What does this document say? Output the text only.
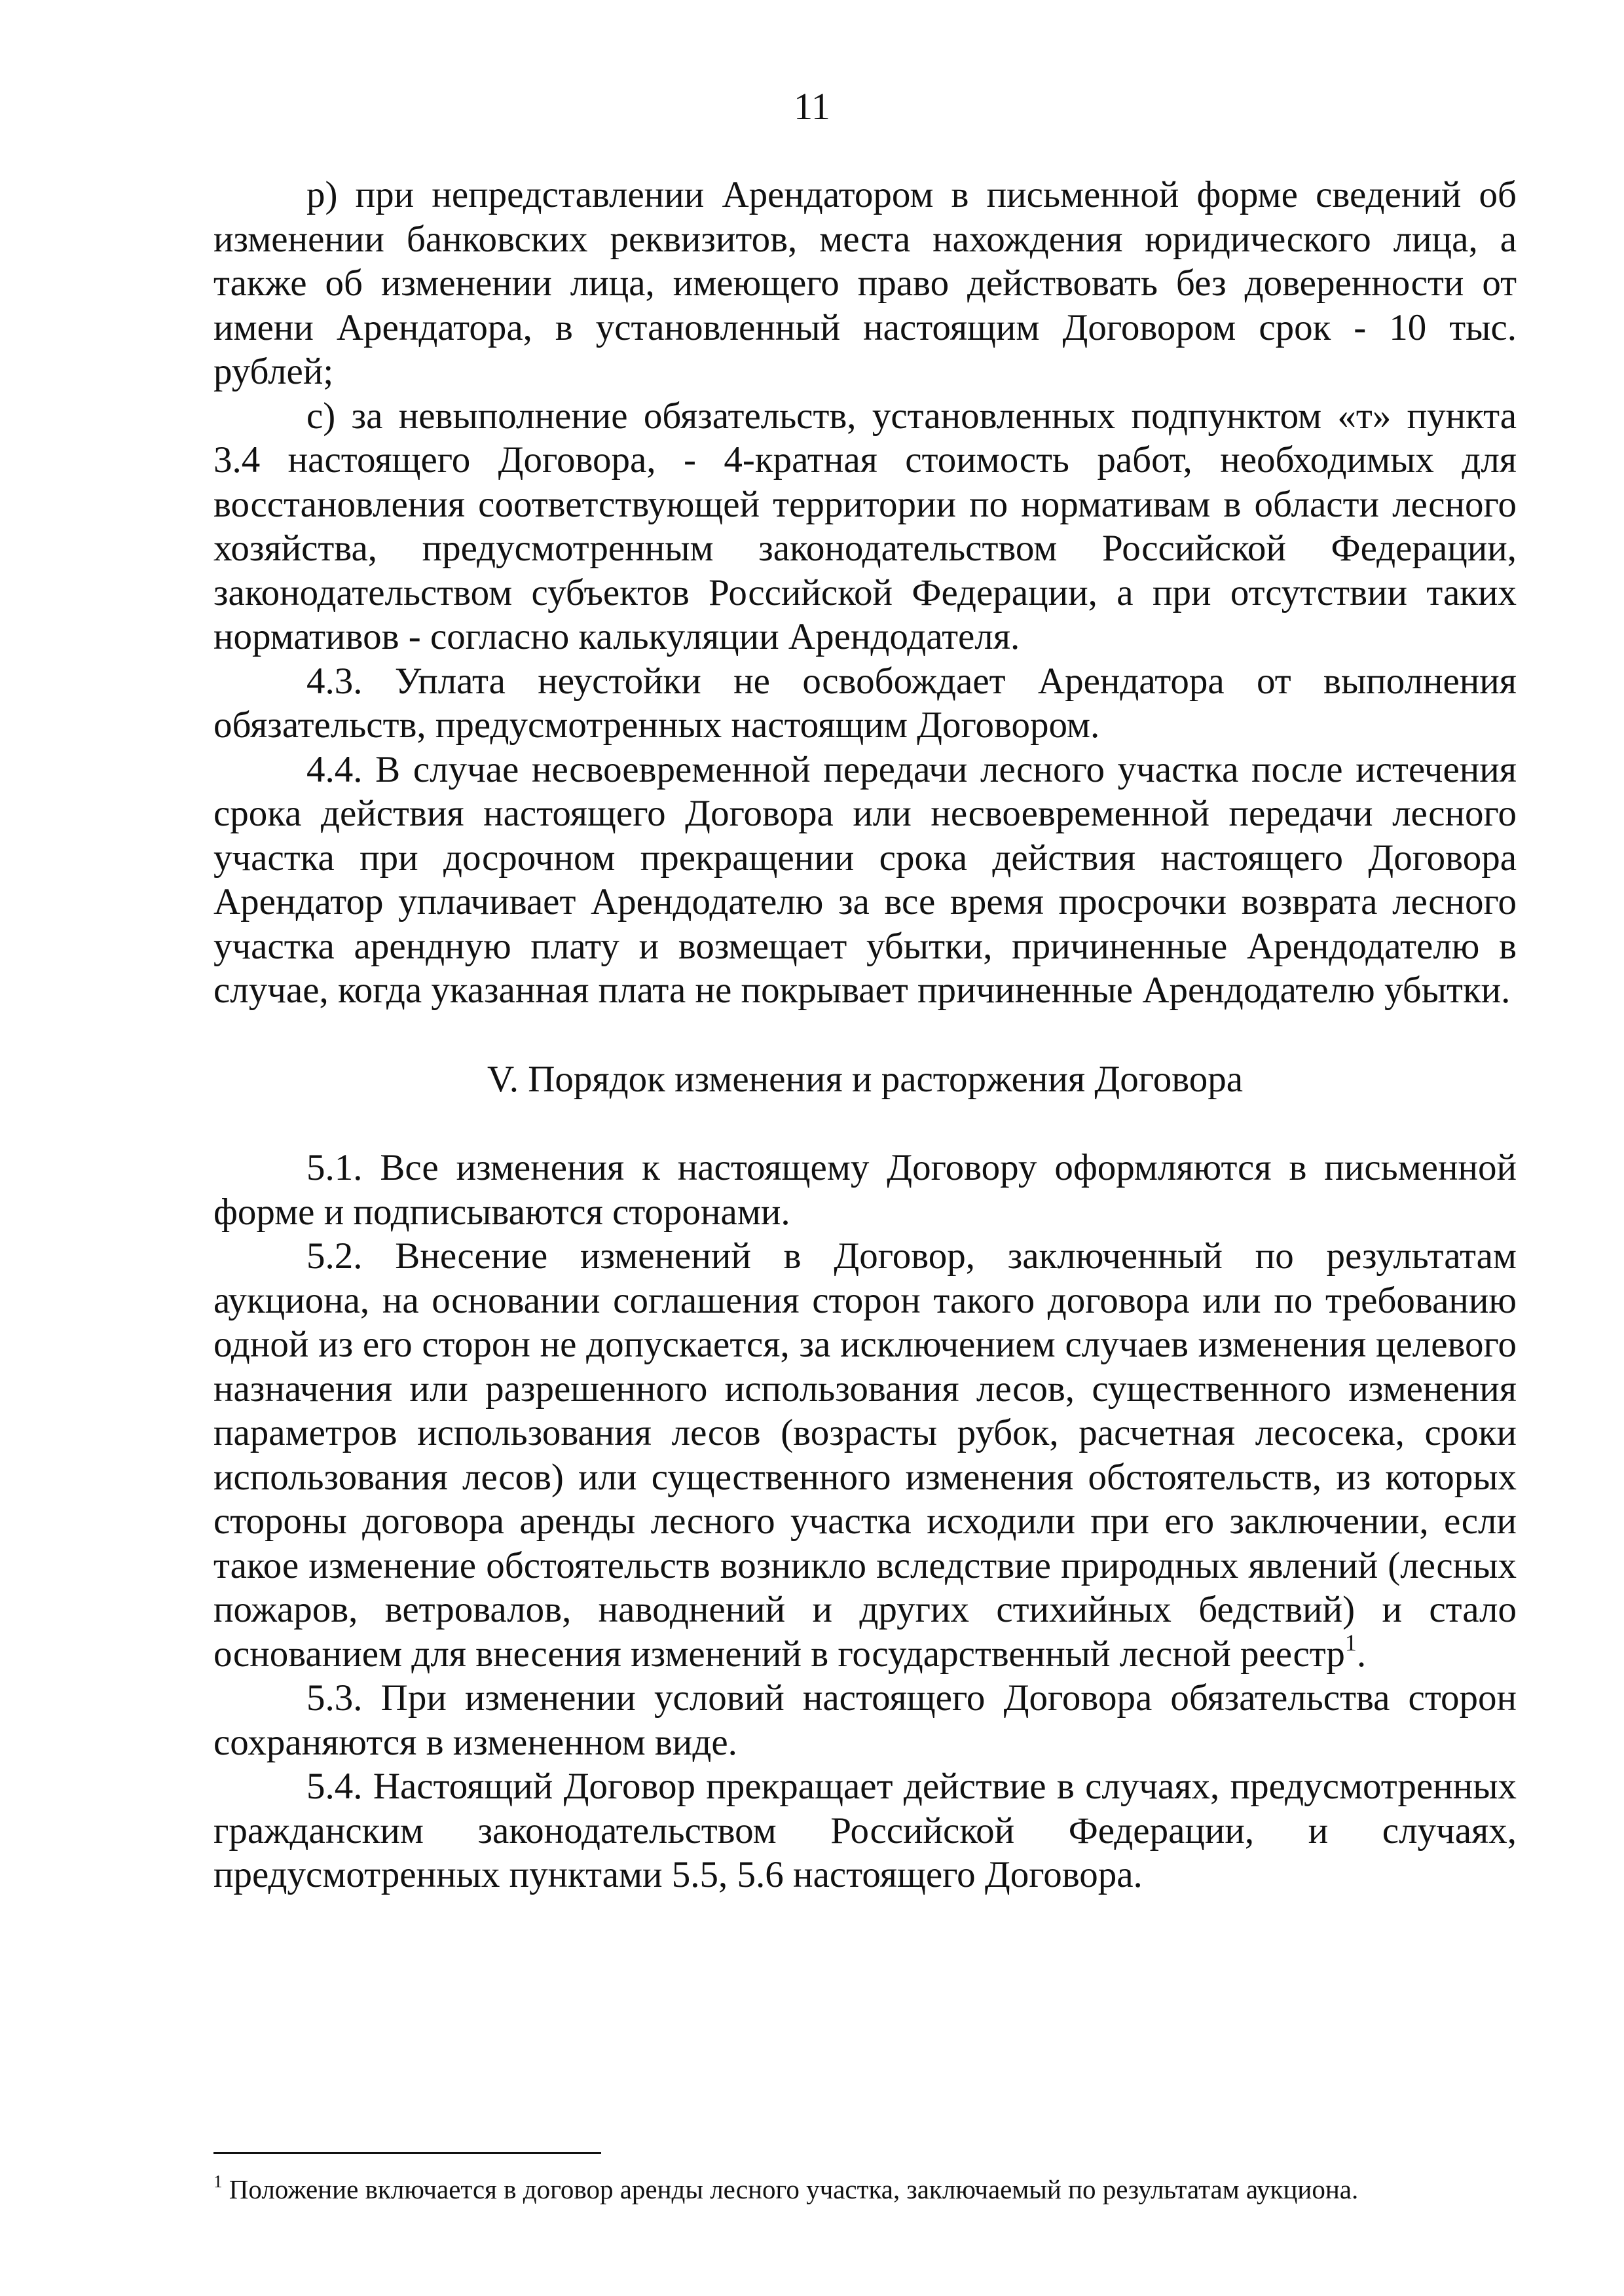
11

р) при непредставлении Арендатором в письменной форме сведений об изменении банковских реквизитов, места нахождения юридического лица, а также об изменении лица, имеющего право действовать без доверенности от имени Арендатора, в установленный настоящим Договором срок - 10 тыс. рублей;

с) за невыполнение обязательств, установленных подпунктом «т» пункта 3.4 настоящего Договора, - 4-кратная стоимость работ, необходимых для восстановления соответствующей территории по нормативам в области лесного хозяйства, предусмотренным законодательством Российской Федерации, законодательством субъектов Российской Федерации, а при отсутствии таких нормативов - согласно калькуляции Арендодателя.

4.3. Уплата неустойки не освобождает Арендатора от выполнения обязательств, предусмотренных настоящим Договором.

4.4. В случае несвоевременной передачи лесного участка после истечения срока действия настоящего Договора или несвоевременной передачи лесного участка при досрочном прекращении срока действия настоящего Договора Арендатор уплачивает Арендодателю за все время просрочки возврата лесного участка арендную плату и возмещает убытки, причиненные Арендодателю в случае, когда указанная плата не покрывает причиненные Арендодателю убытки.

V. Порядок изменения и расторжения Договора

5.1. Все изменения к настоящему Договору оформляются в письменной форме и подписываются сторонами.

5.2. Внесение изменений в Договор, заключенный по результатам аукциона, на основании соглашения сторон такого договора или по требованию одной из его сторон не допускается, за исключением случаев изменения целевого назначения или разрешенного использования лесов, существенного изменения параметров использования лесов (возрасты рубок, расчетная лесосека, сроки использования лесов) или существенного изменения обстоятельств, из которых стороны договора аренды лесного участка исходили при его заключении, если такое изменение обстоятельств возникло вследствие природных явлений (лесных пожаров, ветровалов, наводнений и других стихийных бедствий) и стало основанием для внесения изменений в государственный лесной реестр$^1$.

5.3. При изменении условий настоящего Договора обязательства сторон сохраняются в измененном виде.

5.4. Настоящий Договор прекращает действие в случаях, предусмотренных гражданским законодательством Российской Федерации, и случаях, предусмотренных пунктами 5.5, 5.6 настоящего Договора.

$^1$ Положение включается в договор аренды лесного участка, заключаемый по результатам аукциона.
